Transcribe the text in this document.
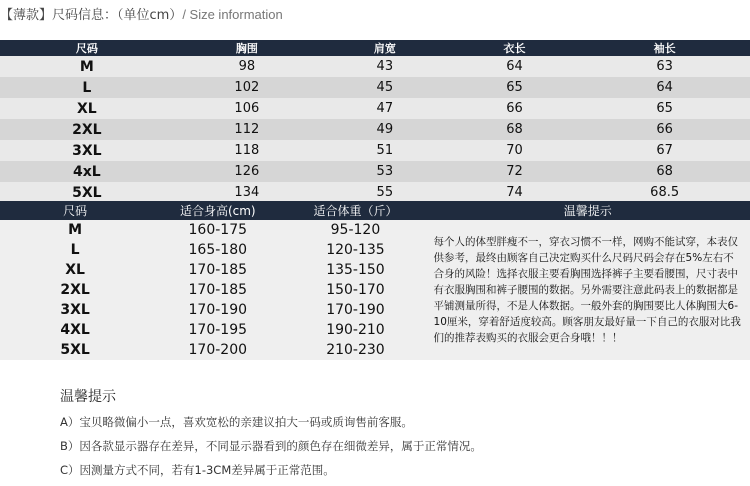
【薄款】尺码信息：（单位cm）/ Size information
尺码	胸围	肩宽	衣长	袖长
M	98	43	64	63
L	102	45	65	64
XL	106	47	66	65
2XL	112	49	68	66
3XL	118	51	70	67
4xL	126	53	72	68
5XL	134	55	74	68.5
尺码	适合身高(cm)	适合体重（斤）	温馨提示
M	160-175	95-120	每个人的体型胖瘦不一，穿衣习惯不一样，网购不能试穿，本表仅供参考，最终由顾客自己决定购买什么尺码尺码会存在5%左右不合身的风险！选择衣服主要看胸围选择裤子主要看腰围，尺寸表中有衣服胸围和裤子腰围的数据。另外需要注意此码表上的数据都是平铺测量所得，不是人体数据。一般外套的胸围要比人体胸围大6-10厘米，穿着舒适度较高。顾客朋友最好量一下自己的衣服对比我们的推荐表购买的衣服会更合身哦！！！
L	165-180	120-135	
XL	170-185	135-150	
2XL	170-185	150-170	
3XL	170-190	170-190	
4XL	170-195	190-210	
5XL	170-200	210-230	
温馨提示

A）宝贝略微偏小一点，喜欢宽松的亲建议拍大一码或质询售前客服。

B）因各款显示器存在差异，不同显示器看到的颜色存在细微差异，属于正常情况。

C）因测量方式不同，若有1-3CM差异属于正常范围。
